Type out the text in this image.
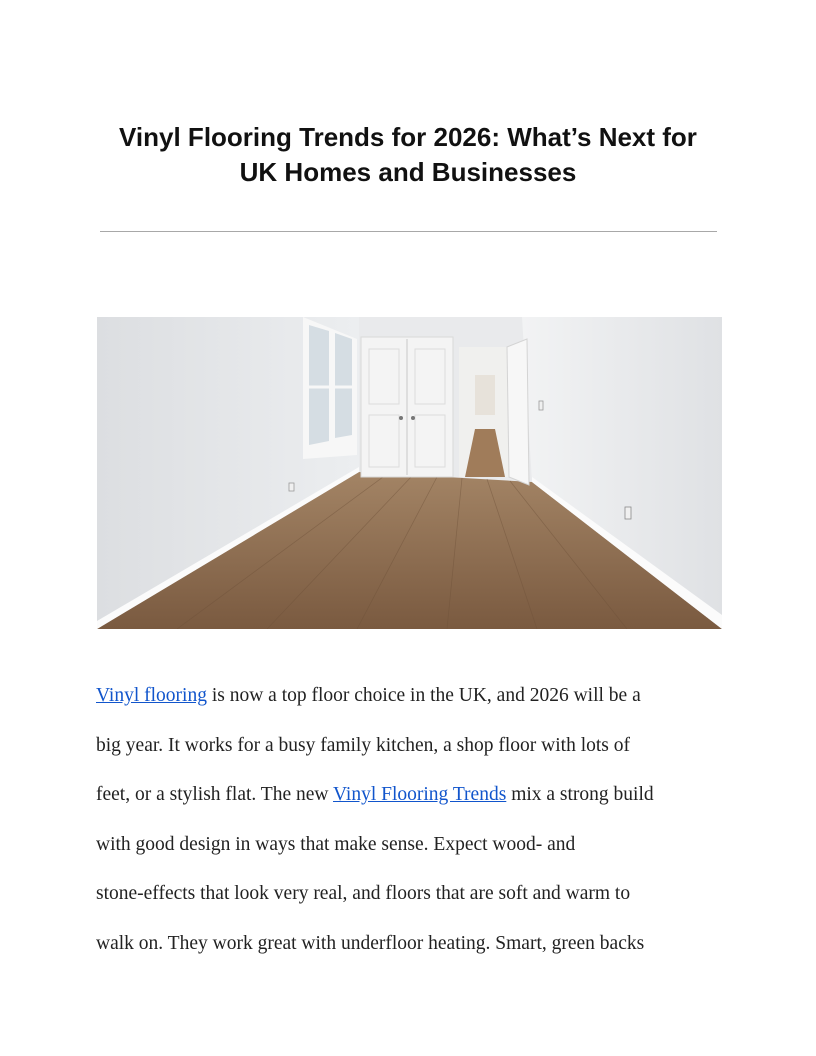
Vinyl Flooring Trends for 2026: What’s Next for
UK Homes and Businesses
Vinyl flooring is now a top floor choice in the UK, and 2026 will be a
big year. It works for a busy family kitchen, a shop floor with lots of
feet, or a stylish flat. The new Vinyl Flooring Trends mix a strong build
with good design in ways that make sense. Expect wood- and
stone-effects that look very real, and floors that are soft and warm to
walk on. They work great with underfloor heating. Smart, green backs
